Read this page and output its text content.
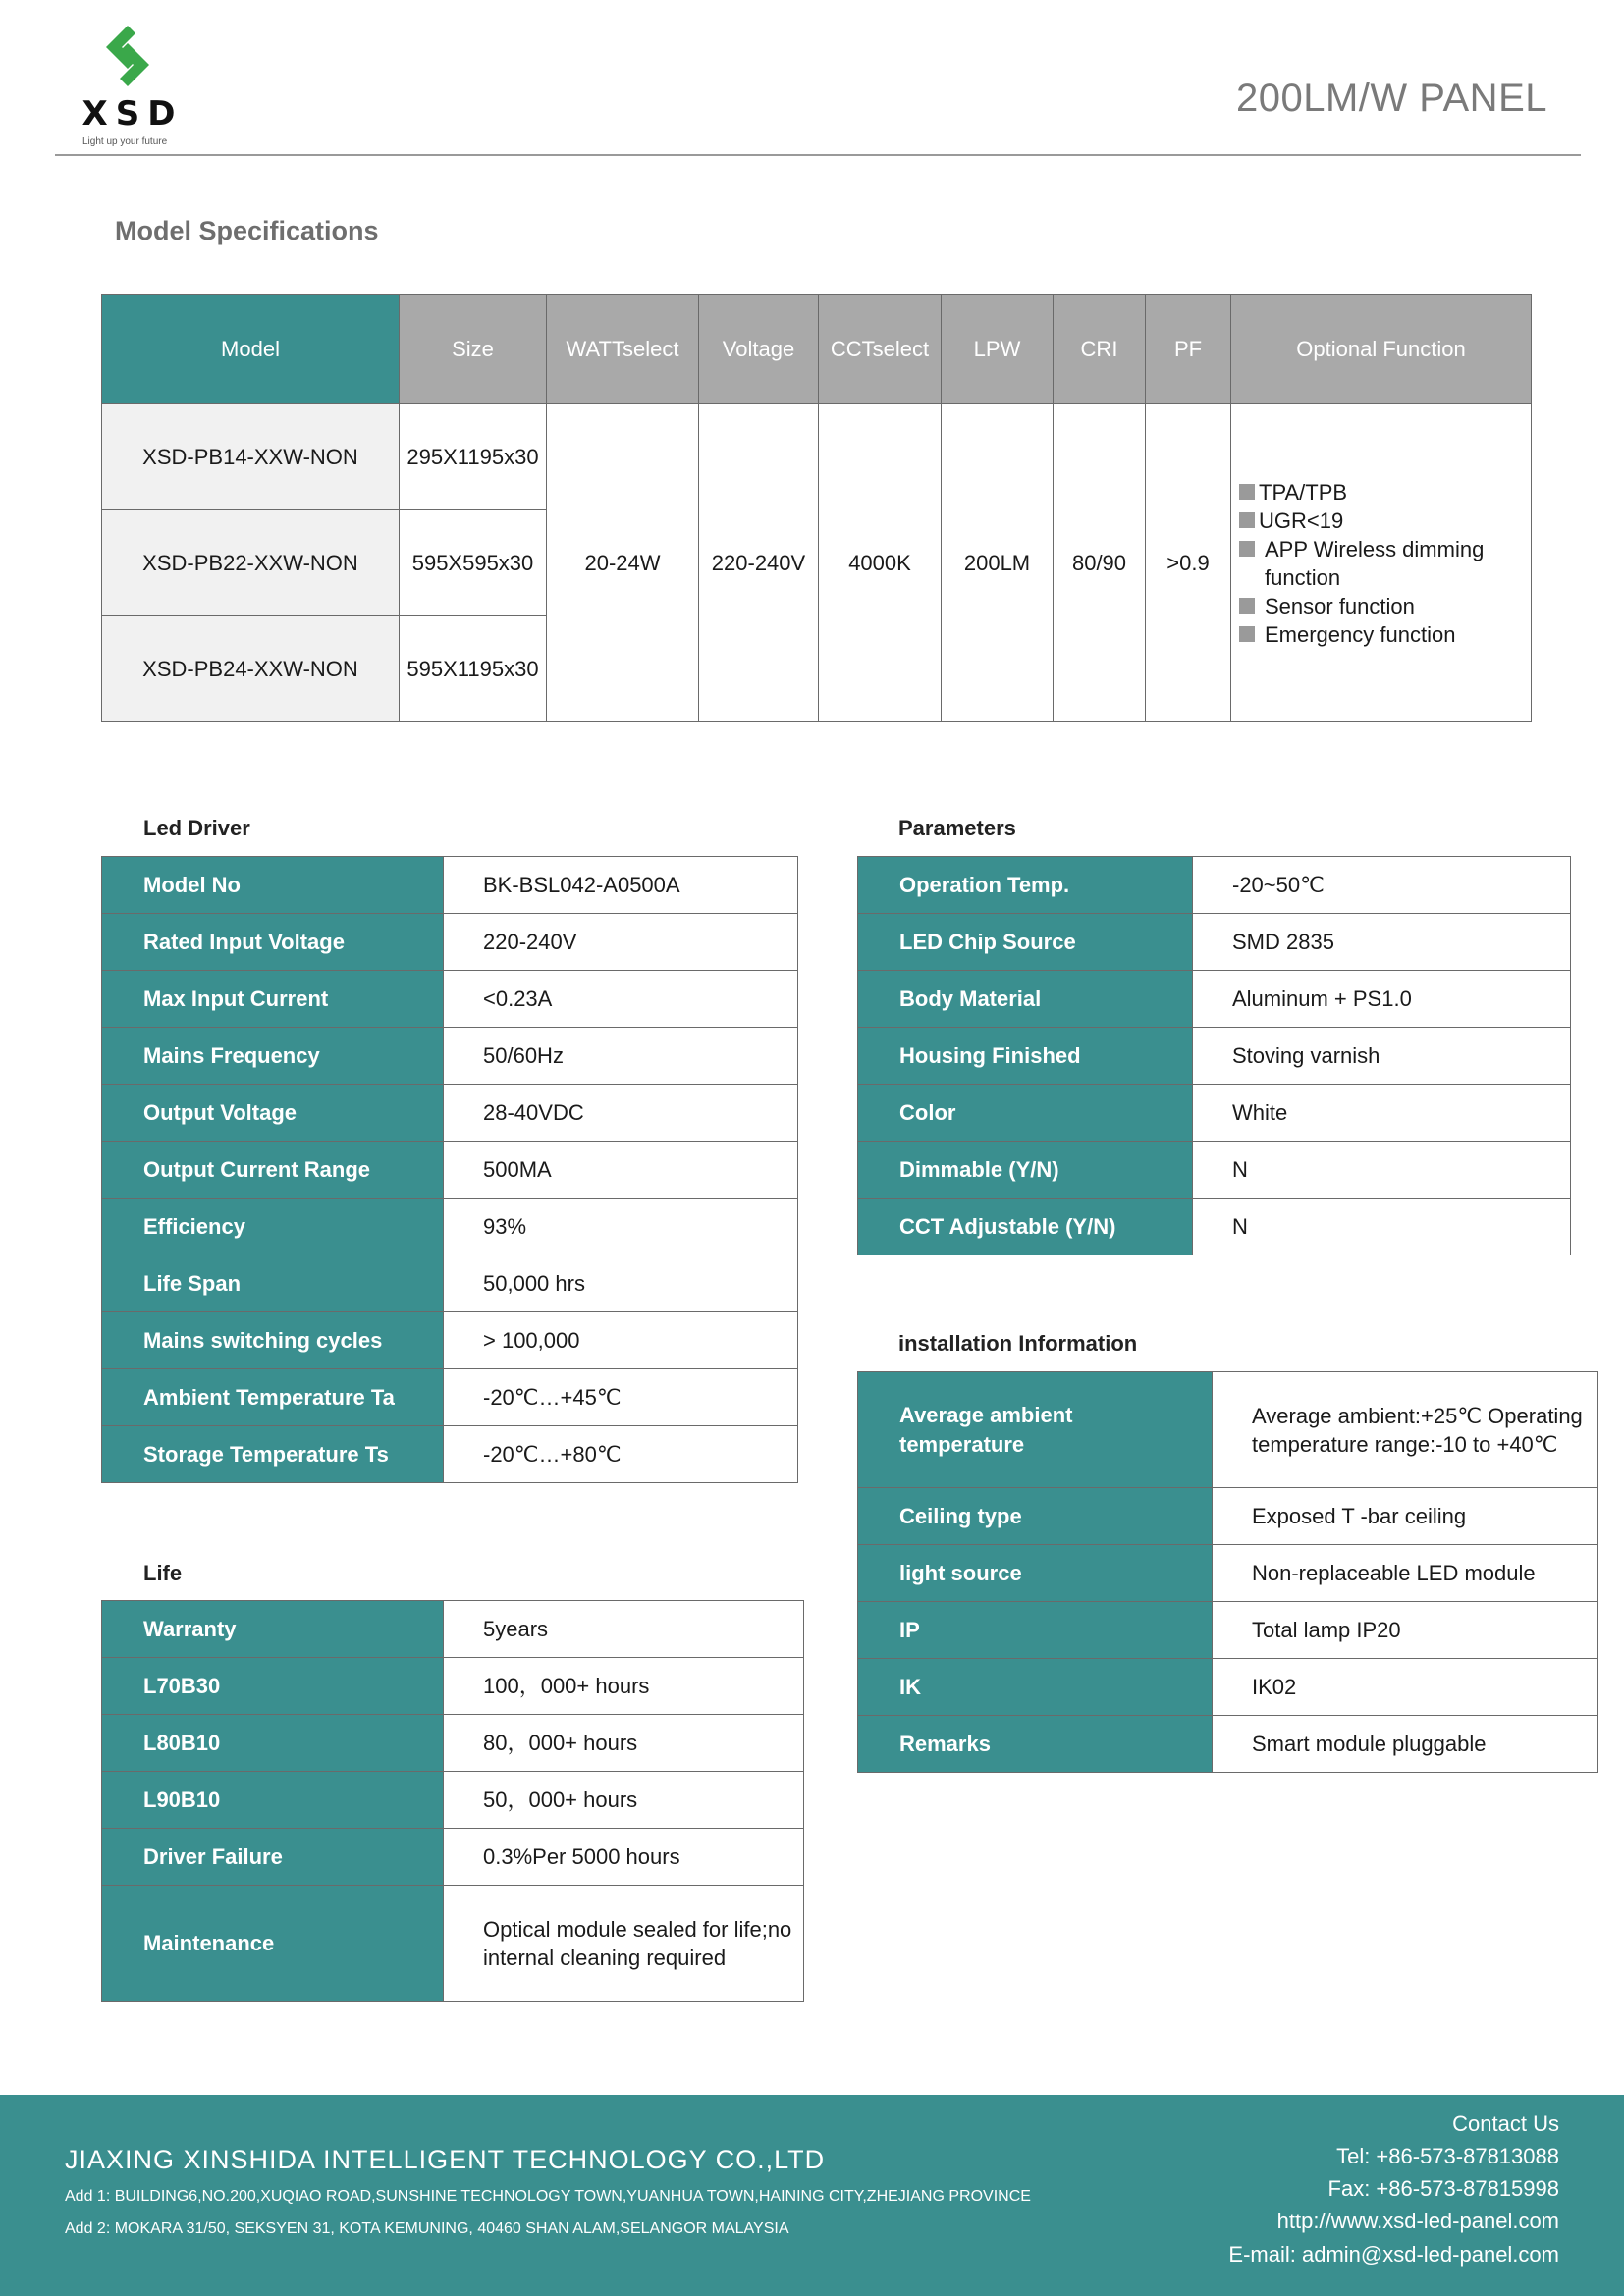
XSD
Light up your future
200LM/W PANEL
Model Specifications
Model	Size	WATTselect	Voltage	CCTselect	LPW	CRI	PF	Optional Function
XSD-PB14-XXW-NON	295X1195x30	20-24W	220-240V	4000K	200LM	80/90	>0.9	TPA/TPB
UGR<19
APP Wireless dimming function
Sensor function
Emergency function

XSD-PB22-XXW-NON	595X595x30							
XSD-PB24-XXW-NON	595X1195x30							
Led Driver
Model No	BK-BSL042-A0500A
Rated Input Voltage	220-240V
Max Input Current	<0.23A
Mains Frequency	50/60Hz
Output Voltage	28-40VDC
Output Current Range	500MA
Efficiency	93%
Life Span	50,000 hrs
Mains switching cycles	> 100,000
Ambient Temperature Ta	-20℃…+45℃
Storage Temperature Ts	-20℃…+80℃
Life
Warranty	5years
L70B30	100，000+ hours
L80B10	80，000+ hours
L90B10	50，000+ hours
Driver Failure	0.3%Per 5000 hours
Maintenance	Optical module sealed for life;no internal cleaning required
Parameters
Operation Temp.	-20~50℃
LED Chip Source	SMD 2835
Body Material	Aluminum + PS1.0
Housing Finished	Stoving varnish
Color	White
Dimmable (Y/N)	N
CCT Adjustable (Y/N)	N
installation Information
Average ambient temperature	Average ambient:+25℃ Operating temperature range:-10 to +40℃
Ceiling type	Exposed T -bar ceiling
light source	Non-replaceable LED module
IP	Total lamp IP20
IK	IK02
Remarks	Smart module pluggable
JIAXING XINSHIDA INTELLIGENT TECHNOLOGY CO.,LTD
Add 1: BUILDING6,NO.200,XUQIAO ROAD,SUNSHINE TECHNOLOGY TOWN,YUANHUA TOWN,HAINING CITY,ZHEJIANG PROVINCE
Add 2: MOKARA 31/50, SEKSYEN 31, KOTA KEMUNING, 40460 SHAN ALAM,SELANGOR MALAYSIA
Contact Us
Tel: +86-573-87813088
Fax: +86-573-87815998
http://www.xsd-led-panel.com
E-mail: admin@xsd-led-panel.com
